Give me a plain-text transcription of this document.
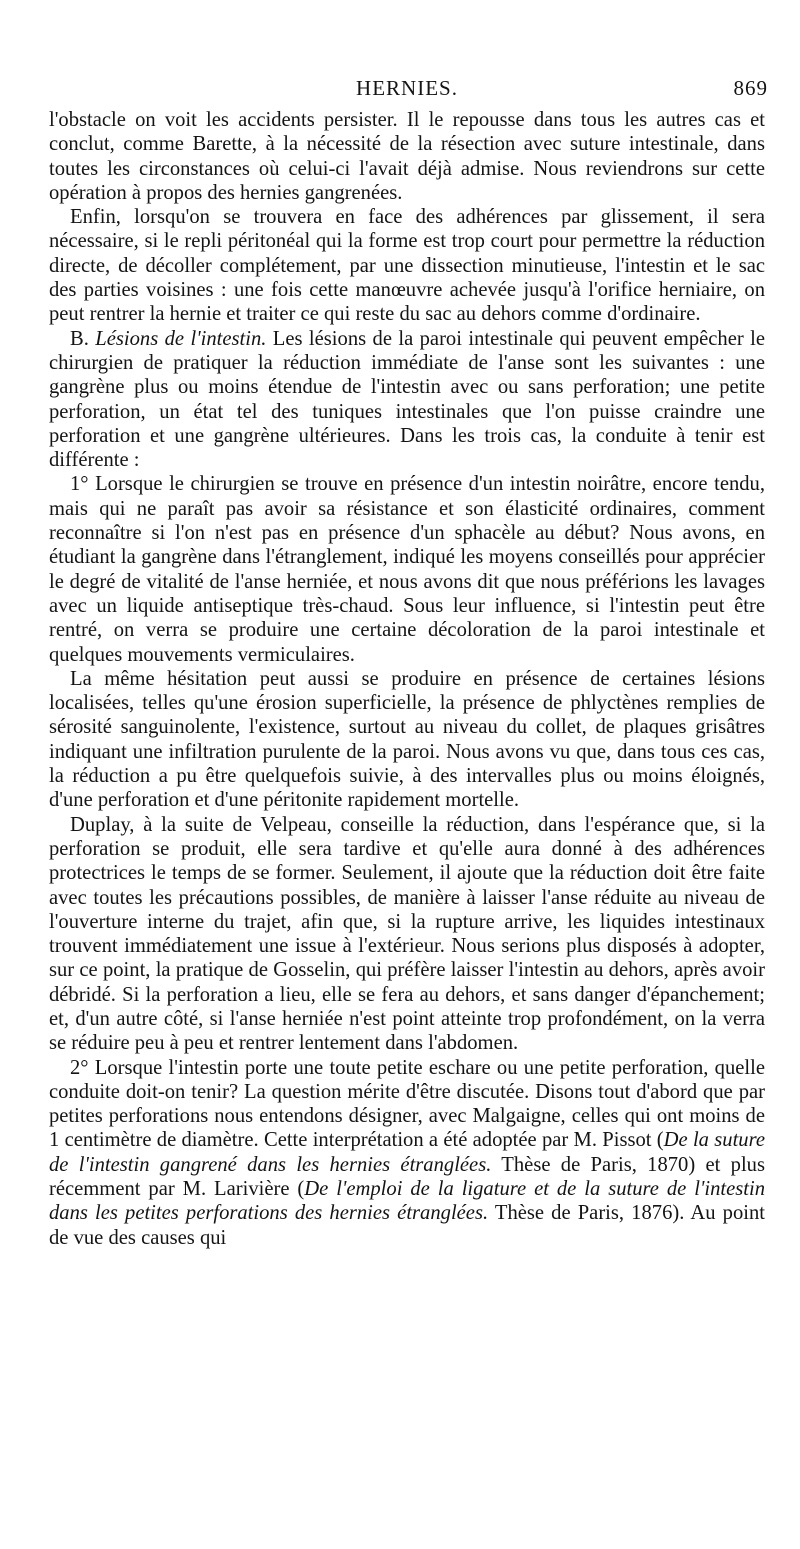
HERNIES.	869

l'obstacle on voit les accidents persister. Il le repousse dans tous les autres cas et conclut, comme Barette, à la nécessité de la résection avec suture intestinale, dans toutes les circonstances où celui-ci l'avait déjà admise. Nous reviendrons sur cette opération à propos des hernies gangrenées.

Enfin, lorsqu'on se trouvera en face des adhérences par glissement, il sera nécessaire, si le repli péritonéal qui la forme est trop court pour permettre la réduction directe, de décoller complétement, par une dissection minutieuse, l'intestin et le sac des parties voisines : une fois cette manœuvre achevée jusqu'à l'orifice herniaire, on peut rentrer la hernie et traiter ce qui reste du sac au dehors comme d'ordinaire.

B. Lésions de l'intestin. Les lésions de la paroi intestinale qui peuvent empêcher le chirurgien de pratiquer la réduction immédiate de l'anse sont les suivantes : une gangrène plus ou moins étendue de l'intestin avec ou sans perforation; une petite perforation, un état tel des tuniques intestinales que l'on puisse craindre une perforation et une gangrène ultérieures. Dans les trois cas, la conduite à tenir est différente :

1° Lorsque le chirurgien se trouve en présence d'un intestin noirâtre, encore tendu, mais qui ne paraît pas avoir sa résistance et son élasticité ordinaires, comment reconnaître si l'on n'est pas en présence d'un sphacèle au début? Nous avons, en étudiant la gangrène dans l'étranglement, indiqué les moyens conseillés pour apprécier le degré de vitalité de l'anse herniée, et nous avons dit que nous préférions les lavages avec un liquide antiseptique très-chaud. Sous leur influence, si l'intestin peut être rentré, on verra se produire une certaine décoloration de la paroi intestinale et quelques mouvements vermiculaires.

La même hésitation peut aussi se produire en présence de certaines lésions localisées, telles qu'une érosion superficielle, la présence de phlyctènes remplies de sérosité sanguinolente, l'existence, surtout au niveau du collet, de plaques grisâtres indiquant une infiltration purulente de la paroi. Nous avons vu que, dans tous ces cas, la réduction a pu être quelquefois suivie, à des intervalles plus ou moins éloignés, d'une perforation et d'une péritonite rapidement mortelle.

Duplay, à la suite de Velpeau, conseille la réduction, dans l'espérance que, si la perforation se produit, elle sera tardive et qu'elle aura donné à des adhérences protectrices le temps de se former. Seulement, il ajoute que la réduction doit être faite avec toutes les précautions possibles, de manière à laisser l'anse réduite au niveau de l'ouverture interne du trajet, afin que, si la rupture arrive, les liquides intestinaux trouvent immédiatement une issue à l'extérieur. Nous serions plus disposés à adopter, sur ce point, la pratique de Gosselin, qui préfère laisser l'intestin au dehors, après avoir débridé. Si la perforation a lieu, elle se fera au dehors, et sans danger d'épanchement; et, d'un autre côté, si l'anse herniée n'est point atteinte trop profondément, on la verra se réduire peu à peu et rentrer lentement dans l'abdomen.

2° Lorsque l'intestin porte une toute petite eschare ou une petite perforation, quelle conduite doit-on tenir? La question mérite d'être discutée. Disons tout d'abord que par petites perforations nous entendons désigner, avec Malgaigne, celles qui ont moins de 1 centimètre de diamètre. Cette interprétation a été adoptée par M. Pissot (De la suture de l'intestin gangrené dans les hernies étranglées. Thèse de Paris, 1870) et plus récemment par M. Larivière (De l'emploi de la ligature et de la suture de l'intestin dans les petites perforations des hernies étranglées. Thèse de Paris, 1876). Au point de vue des causes qui
